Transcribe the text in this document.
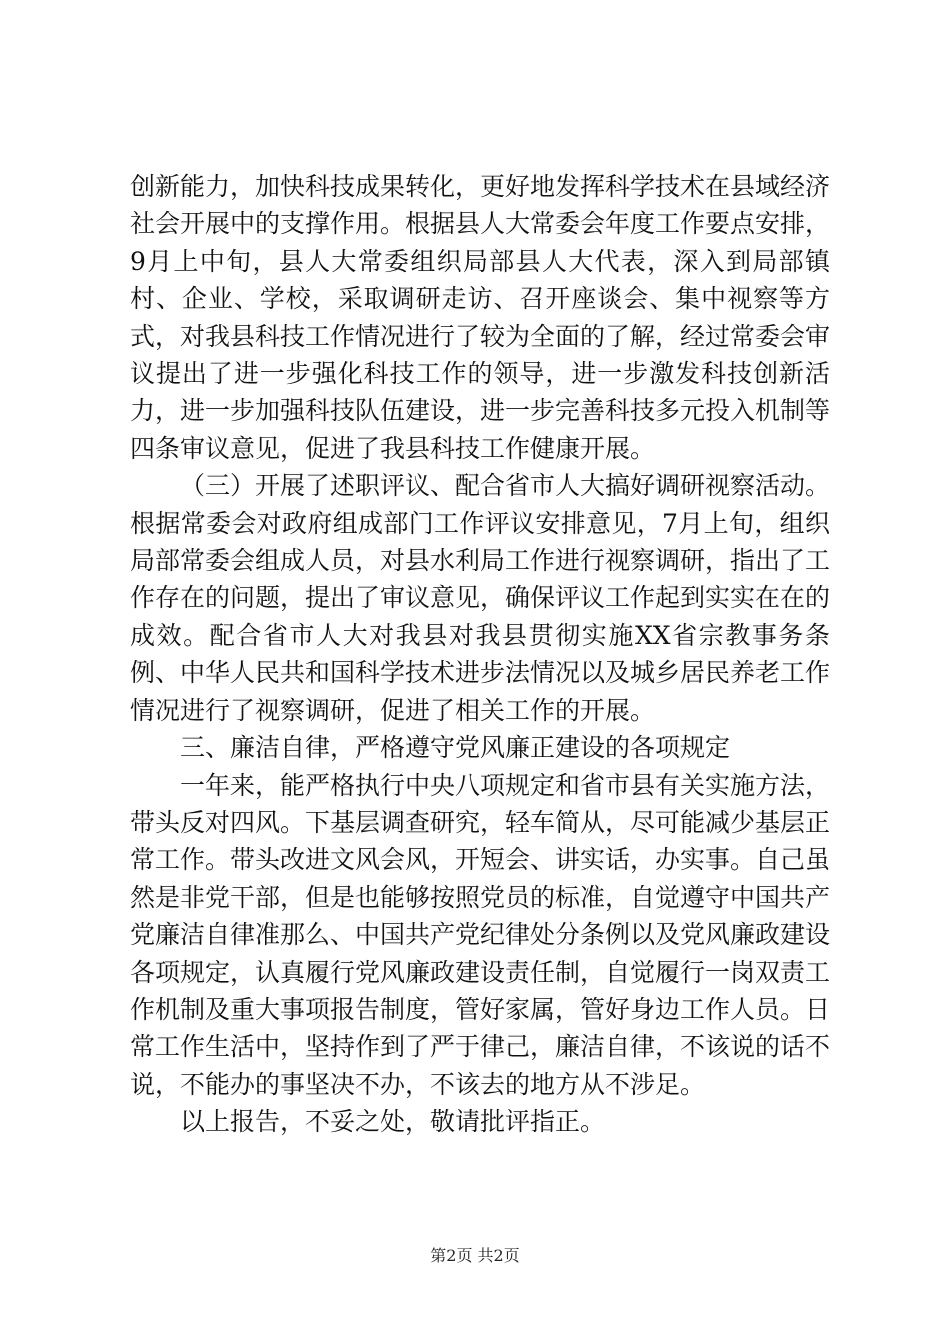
创新能力，加快科技成果转化，更好地发挥科学技术在县域经济社会开展中的支撑作用。根据县人大常委会年度工作要点安排，9月上中旬，县人大常委组织局部县人大代表，深入到局部镇村、企业、学校，采取调研走访、召开座谈会、集中视察等方式，对我县科技工作情况进行了较为全面的了解，经过常委会审议提出了进一步强化科技工作的领导，进一步激发科技创新活力，进一步加强科技队伍建设，进一步完善科技多元投入机制等四条审议意见，促进了我县科技工作健康开展。

（三）开展了述职评议、配合省市人大搞好调研视察活动。根据常委会对政府组成部门工作评议安排意见，7月上旬，组织局部常委会组成人员，对县水利局工作进行视察调研，指出了工作存在的问题，提出了审议意见，确保评议工作起到实实在在的成效。配合省市人大对我县对我县贯彻实施XX省宗教事务条例、中华人民共和国科学技术进步法情况以及城乡居民养老工作情况进行了视察调研，促进了相关工作的开展。

三、廉洁自律，严格遵守党风廉正建设的各项规定

一年来，能严格执行中央八项规定和省市县有关实施方法，带头反对四风。下基层调查研究，轻车简从，尽可能减少基层正常工作。带头改进文风会风，开短会、讲实话，办实事。自己虽然是非党干部，但是也能够按照党员的标准，自觉遵守中国共产党廉洁自律准那么、中国共产党纪律处分条例以及党风廉政建设各项规定，认真履行党风廉政建设责任制，自觉履行一岗双责工作机制及重大事项报告制度，管好家属，管好身边工作人员。日常工作生活中，坚持作到了严于律己，廉洁自律，不该说的话不说，不能办的事坚决不办，不该去的地方从不涉足。

以上报告，不妥之处，敬请批评指正。

第2页 共2页
